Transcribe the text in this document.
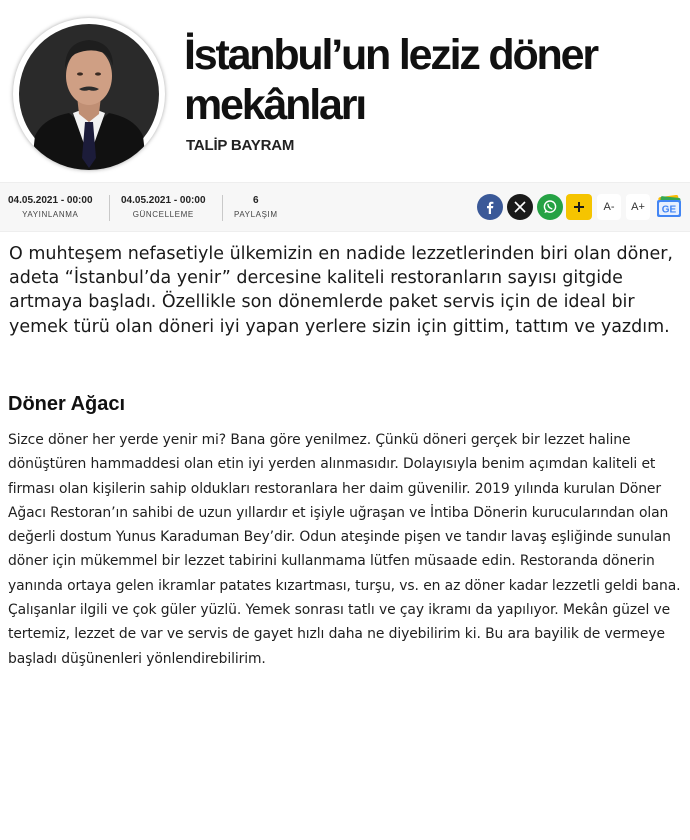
İstanbul’un leziz döner mekânları
TALİP BAYRAM
04.05.2021 - 00:00
YAYINLANMA
04.05.2021 - 00:00
GÜNCELLEME
6
PAYLAŞIM
A-	A+	GE

O muhteşem nefasetiyle ülkemizin en nadide lezzetlerinden biri olan döner, adeta “İstanbul’da yenir” dercesine kaliteli restoranların sayısı gitgide artmaya başladı. Özellikle son dönemlerde paket servis için de ideal bir yemek türü olan döneri iyi yapan yerlere sizin için gittim, tattım ve yazdım.

Döner Ağacı

Sizce döner her yerde yenir mi? Bana göre yenilmez. Çünkü döneri gerçek bir lezzet haline dönüştüren hammaddesi olan etin iyi yerden alınmasıdır. Dolayısıyla benim açımdan kaliteli et firması olan kişilerin sahip oldukları restoranlara her daim güvenilir. 2019 yılında kurulan Döner Ağacı Restoran’ın sahibi de uzun yıllardır et işiyle uğraşan ve İntiba Dönerin kurucularından olan değerli dostum Yunus Karaduman Bey’dir. Odun ateşinde pişen ve tandır lavaş eşliğinde sunulan döner için mükemmel bir lezzet tabirini kullanmama lütfen müsaade edin. Restoranda dönerin yanında ortaya gelen ikramlar patates kızartması, turşu, vs. en az döner kadar lezzetli geldi bana. Çalışanlar ilgili ve çok güler yüzlü. Yemek sonrası tatlı ve çay ikramı da yapılıyor. Mekân güzel ve tertemiz, lezzet de var ve servis de gayet hızlı daha ne diyebilirim ki. Bu ara bayilik de vermeye başladı düşünenleri yönlendirebilirim.
